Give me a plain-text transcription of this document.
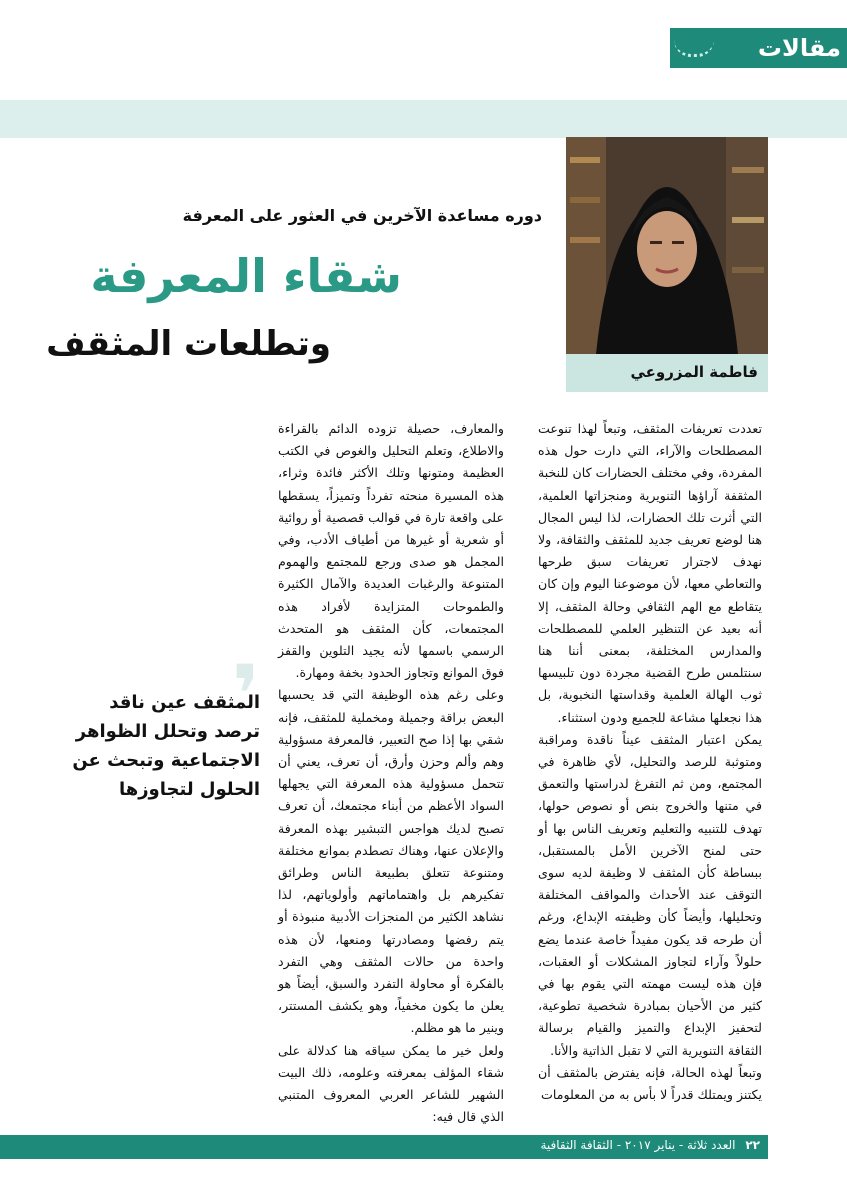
مقالات
فاطمة المزروعي
دوره مساعدة الآخرين في العثور على المعرفة
شقاء المعرفة
وتطلعات المثقف

تعددت تعريفات المثقف، وتبعاً لهذا تنوعت المصطلحات والآراء، التي دارت حول هذه المفردة، وفي مختلف الحضارات كان للنخبة المثقفة آراؤها التنويرية ومنجزاتها العلمية، التي أثرت تلك الحضارات، لذا ليس المجال هنا لوضع تعريف جديد للمثقف والثقافة، ولا نهدف لاجترار تعريفات سبق طرحها والتعاطي معها، لأن موضوعنا اليوم وإن كان يتقاطع مع الهم الثقافي وحالة المثقف، إلا أنه بعيد عن التنظير العلمي للمصطلحات والمدارس المختلفة، بمعنى أننا هنا سنتلمس طرح القضية مجردة دون تلبيسها ثوب الهالة العلمية وقداستها النخبوية، بل هذا نجعلها مشاعة للجميع ودون استثناء.

يمكن اعتبار المثقف عيناً ناقدة ومراقبة ومتوثبة للرصد والتحليل، لأي ظاهرة في المجتمع، ومن ثم التفرغ لدراستها والتعمق في متنها والخروج بنص أو نصوص حولها، تهدف للتنبيه والتعليم وتعريف الناس بها أو حتى لمنح الآخرين الأمل بالمستقبل، ببساطة كأن المثقف لا وظيفة لديه سوى التوقف عند الأحداث والمواقف المختلفة وتحليلها، وأيضاً كأن وظيفته الإبداع، ورغم أن طرحه قد يكون مفيداً خاصة عندما يضع حلولاً وآراء لتجاوز المشكلات أو العقبات، فإن هذه ليست مهمته التي يقوم بها في كثير من الأحيان بمبادرة شخصية تطوعية، لتحفيز الإبداع والتميز والقيام برسالة الثقافة التنويرية التي لا تقبل الذاتية والأنا.

وتبعاً لهذه الحالة، فإنه يفترض بالمثقف أن يكتنز ويمتلك قدراً لا بأس به من المعلومات

والمعارف، حصيلة تزوده الدائم بالقراءة والاطلاع، وتعلم التحليل والغوص في الكتب العظيمة ومتونها وتلك الأكثر فائدة وثراء، هذه المسيرة منحته تفرداً وتميزاً، يسقطها على واقعة تارة في قوالب قصصية أو روائية أو شعرية أو غيرها من أطياف الأدب، وفي المجمل هو صدى ورجع للمجتمع والهموم المتنوعة والرغبات العديدة والآمال الكثيرة والطموحات المتزايدة لأفراد هذه المجتمعات، كأن المثقف هو المتحدث الرسمي باسمها لأنه يجيد التلوين والقفز فوق الموانع وتجاوز الحدود بخفة ومهارة.

وعلى رغم هذه الوظيفة التي قد يحسبها البعض براقة وجميلة ومخملية للمثقف، فإنه شقي بها إذا صح التعبير، فالمعرفة مسؤولية وهم وألم وحزن وأرق، أن تعرف، يعني أن تتحمل مسؤولية هذه المعرفة التي يجهلها السواد الأعظم من أبناء مجتمعك، أن تعرف تصبح لديك هواجس التبشير بهذه المعرفة والإعلان عنها، وهناك تصطدم بموانع مختلفة ومتنوعة تتعلق بطبيعة الناس وطرائق تفكيرهم بل واهتماماتهم وأولوياتهم، لذا نشاهد الكثير من المنجزات الأدبية منبوذة أو يتم رفضها ومصادرتها ومنعها، لأن هذه واحدة من حالات المثقف وهي التفرد بالفكرة أو محاولة التفرد والسبق، أيضاً هو يعلن ما يكون مخفياً، وهو يكشف المستتر، وينير ما هو مظلم.

ولعل خير ما يمكن سياقه هنا كدلالة على شقاء المؤلف بمعرفته وعلومه، ذلك البيت الشهير للشاعر العربي المعروف المتنبي الذي قال فيه:

❜
المثقف عين ناقد ترصد وتحلل الظواهر الاجتماعية وتبحث عن الحلول لتجاوزها
٢٢ العدد ثلاثة - يناير ٢٠١٧ - الثقافة الثقافية
